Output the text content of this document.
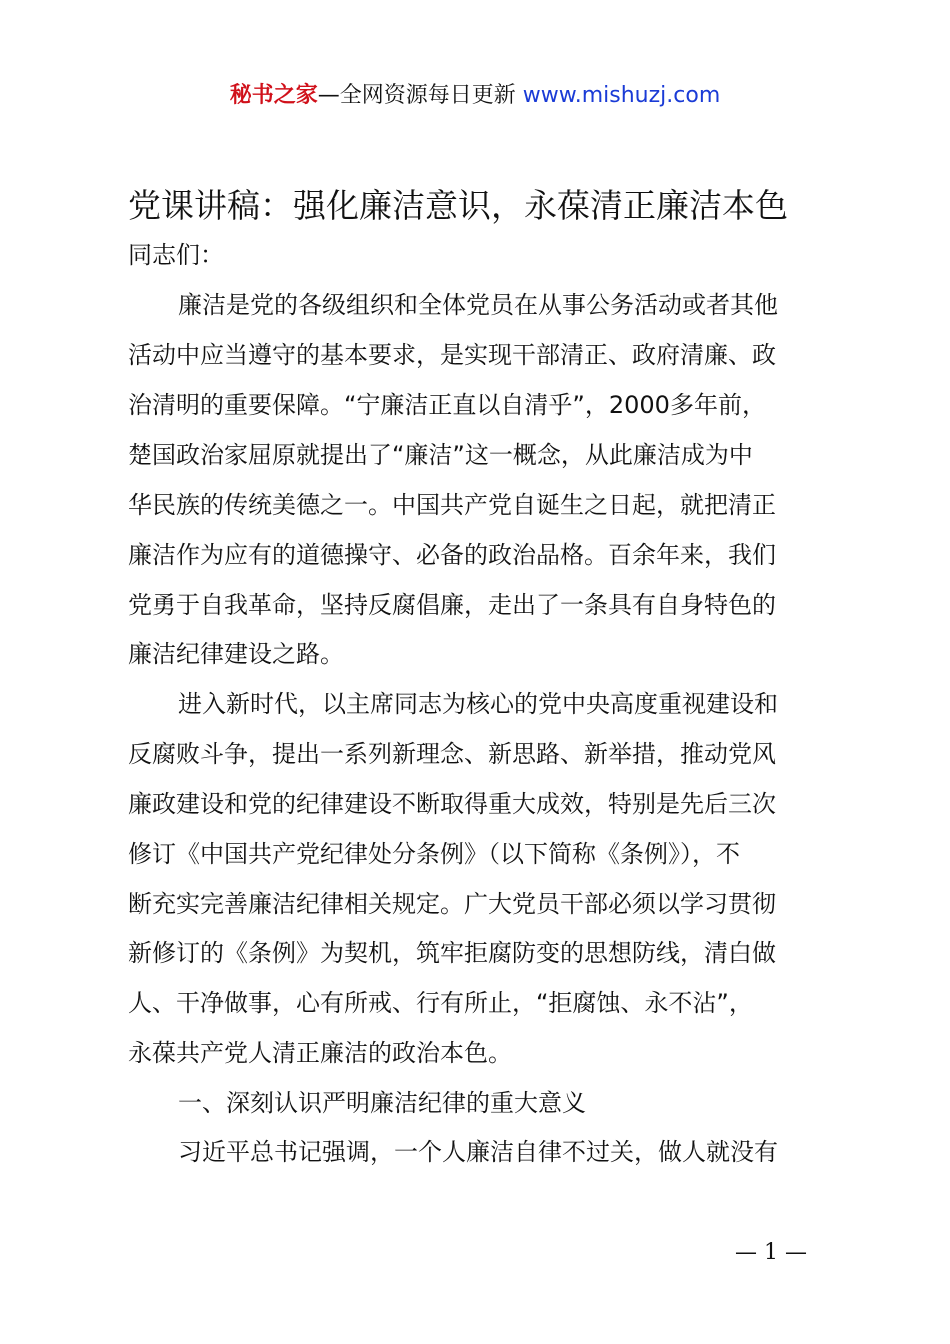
秘书之家—全网资源每日更新 www.mishuzj.com
党课讲稿：强化廉洁意识，永葆清正廉洁本色

同志们：

廉洁是党的各级组织和全体党员在从事公务活动或者其他

活动中应当遵守的基本要求，是实现干部清正、政府清廉、政

治清明的重要保障。“宁廉洁正直以自清乎”，2000多年前，

楚国政治家屈原就提出了“廉洁”这一概念，从此廉洁成为中

华民族的传统美德之一。中国共产党自诞生之日起，就把清正

廉洁作为应有的道德操守、必备的政治品格。百余年来，我们

党勇于自我革命，坚持反腐倡廉，走出了一条具有自身特色的

廉洁纪律建设之路。

进入新时代，以主席同志为核心的党中央高度重视建设和

反腐败斗争，提出一系列新理念、新思路、新举措，推动党风

廉政建设和党的纪律建设不断取得重大成效，特别是先后三次

修订《中国共产党纪律处分条例》（以下简称《条例》），不

断充实完善廉洁纪律相关规定。广大党员干部必须以学习贯彻

新修订的《条例》为契机，筑牢拒腐防变的思想防线，清白做

人、干净做事，心有所戒、行有所止，“拒腐蚀、永不沾”，

永葆共产党人清正廉洁的政治本色。

一、深刻认识严明廉洁纪律的重大意义

习近平总书记强调，一个人廉洁自律不过关，做人就没有

— 1 —
